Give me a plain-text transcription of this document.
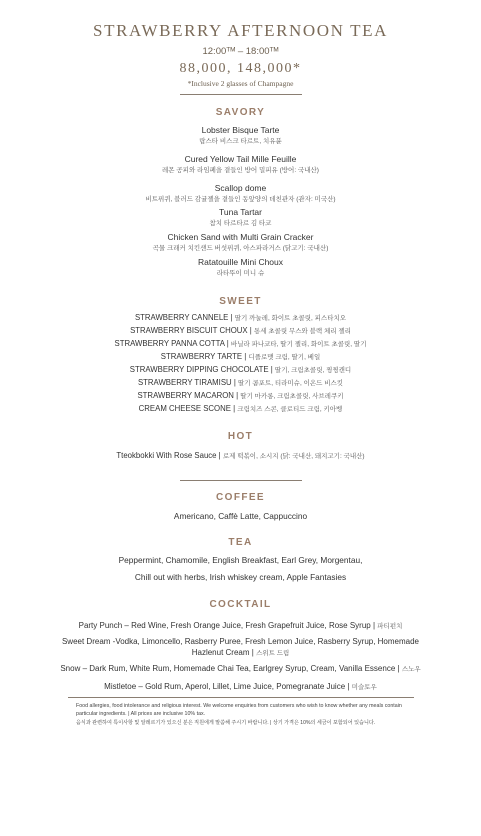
STRAWBERRY AFTERNOON TEA
12:00ᵀᴹ – 18:00ᵀᴹ
88,000, 148,000*
*Inclusive 2 glasses of Champagne
SAVORY
Lobster Bisque Tarte
랍스타 비스크 타르트, 치유퓬
Cured Yellow Tail Mille Feuille
레몬 공피와 라임폐을 곁들인 방어 밀피유 (방어: 국내산)
Scallop dome
비트퓌퀴, 블러드 감귤젤을 곁들인 동앞양의 데친관자 (관자: 미국산)
Tuna Tartar
참치 타르타르 김 타코
Chicken Sand with Multi Grain Cracker
곡물 크래커 치킨샌드 버섯퓌퀴, 아스파라거스 (닭고기: 국내산)
Ratatouille Mini Choux
라타뚜이 미니 슈
SWEET
STRAWBERRY CANNELE | 딸기 까눌레, 화이트 초콜릿, 피스타치오
STRAWBERRY BISCUIT CHOUX | 통세 초콜릿 무스와 블랙 체리 젤리
STRAWBERRY PANNA COTTA | 바닐라 파나코타, 딸기 젤리, 화이트 초콜릿, 딸기
STRAWBERRY TARTE | 디플로맷 크림, 딸기, 베일
STRAWBERRY DIPPING CHOCOLATE | 딸기, 크림초콜릿, 찡찡캔디
STRAWBERRY TIRAMISU | 딸기 콤포트, 티라미슈, 이온드 비스킷
STRAWBERRY MACARON | 딸기 마카롱, 크림초콜릿, 사브레쿠키
CREAM CHEESE SCONE | 크림치즈 스콘, 클로티드 크림, 키아벵
HOT
Tteokbokki With Rose Sauce | 로제 떡볶이, 소시지 (닭: 국내산, 돼지고기: 국내산)
COFFEE
Americano, Caffè Latte, Cappuccino
TEA
Peppermint, Chamomile, English Breakfast, Earl Grey, Morgentau,
Chill out with herbs, Irish whiskey cream, Apple Fantasies
COCKTAIL
Party Punch – Red Wine, Fresh Orange Juice, Fresh Grapefruit Juice, Rose Syrup | 파티펀치
Sweet Dream -Vodka, Limoncello, Rasberry Puree, Fresh Lemon Juice, Rasberry Syrup, Homemade Hazlenut Cream | 스위트 드림
Snow – Dark Rum, White Rum, Homemade Chai Tea, Earlgrey Syrup, Cream, Vanilla Essence | 스노우
Mistletoe – Gold Rum, Aperol, Lillet, Lime Juice, Pomegranate Juice | 미슬토우
Food allergies, food intolerance and religious interest. We welcome enquiries from customers who wish to know whether any meals contain particular ingredients. | All prices are inclusive 10% tax.
음식과 관련하여 특이사항 및 알레르기가 있으신 분은 직원에게 말씀해 주시기 바랍니다. | 상기 가격은 10%의 세금이 포함되어 있습니다.
